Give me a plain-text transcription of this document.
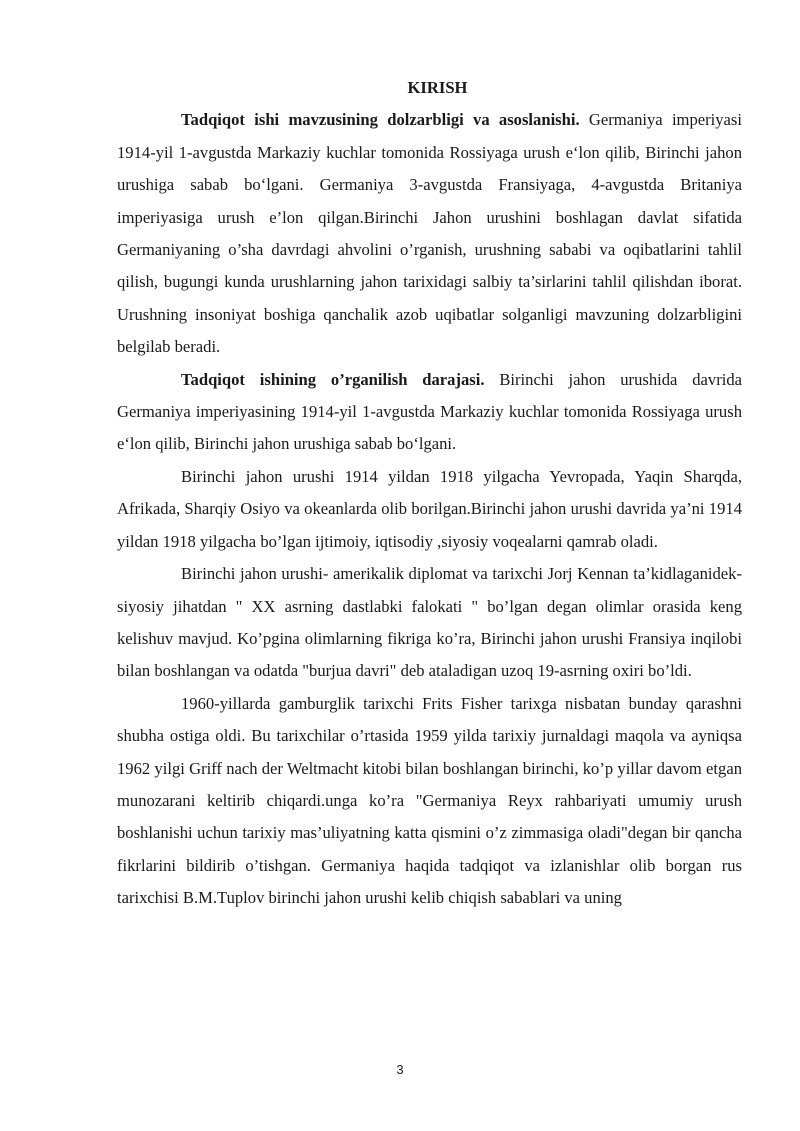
KIRISH

Tadqiqot ishi mavzusining dolzarbligi va asoslanishi. Germaniya imperiyasi 1914-yil 1-avgustda Markaziy kuchlar tomonida Rossiyaga urush e‘lon qilib, Birinchi jahon urushiga sabab bo‘lgani. Germaniya 3-avgustda Fransiyaga, 4-avgustda Britaniya imperiyasiga urush e’lon qilgan.Birinchi Jahon urushini boshlagan davlat sifatida Germaniyaning o’sha davrdagi ahvolini o’rganish, urushning sababi va oqibatlarini tahlil qilish, bugungi kunda urushlarning jahon tarixidagi salbiy ta’sirlarini tahlil qilishdan iborat. Urushning insoniyat boshiga qanchalik azob uqibatlar solganligi mavzuning dolzarbligini belgilab beradi.

Tadqiqot ishining o’rganilish darajasi. Birinchi jahon urushida davrida Germaniya imperiyasining 1914-yil 1-avgustda Markaziy kuchlar tomonida Rossiyaga urush e‘lon qilib, Birinchi jahon urushiga sabab bo‘lgani.

Birinchi jahon urushi 1914 yildan 1918 yilgacha Yevropada, Yaqin Sharqda, Afrikada, Sharqiy Osiyo va okeanlarda olib borilgan.Birinchi jahon urushi davrida ya’ni 1914 yildan 1918 yilgacha bo’lgan ijtimoiy, iqtisodiy ,siyosiy voqealarni qamrab oladi.

Birinchi jahon urushi- amerikalik diplomat va tarixchi Jorj Kennan ta’kidlaganidek- siyosiy jihatdan " XX asrning dastlabki falokati " bo’lgan degan olimlar orasida keng kelishuv mavjud. Ko’pgina olimlarning fikriga ko’ra, Birinchi jahon urushi Fransiya inqilobi bilan boshlangan va odatda "burjua davri" deb ataladigan uzoq 19-asrning oxiri bo’ldi.

1960-yillarda gamburglik tarixchi Frits Fisher tarixga nisbatan bunday qarashni shubha ostiga oldi. Bu tarixchilar o’rtasida 1959 yilda tarixiy jurnaldagi maqola va ayniqsa 1962 yilgi Griff nach der Weltmacht kitobi bilan boshlangan birinchi, ko’p yillar davom etgan munozarani keltirib chiqardi.unga ko’ra "Germaniya Reyx rahbariyati umumiy urush boshlanishi uchun tarixiy mas’uliyatning katta qismini o’z zimmasiga oladi"degan bir qancha fikrlarini bildirib o’tishgan. Germaniya haqida tadqiqot va izlanishlar olib borgan rus tarixchisi B.M.Tuplov birinchi jahon urushi kelib chiqish sabablari va uning

3
